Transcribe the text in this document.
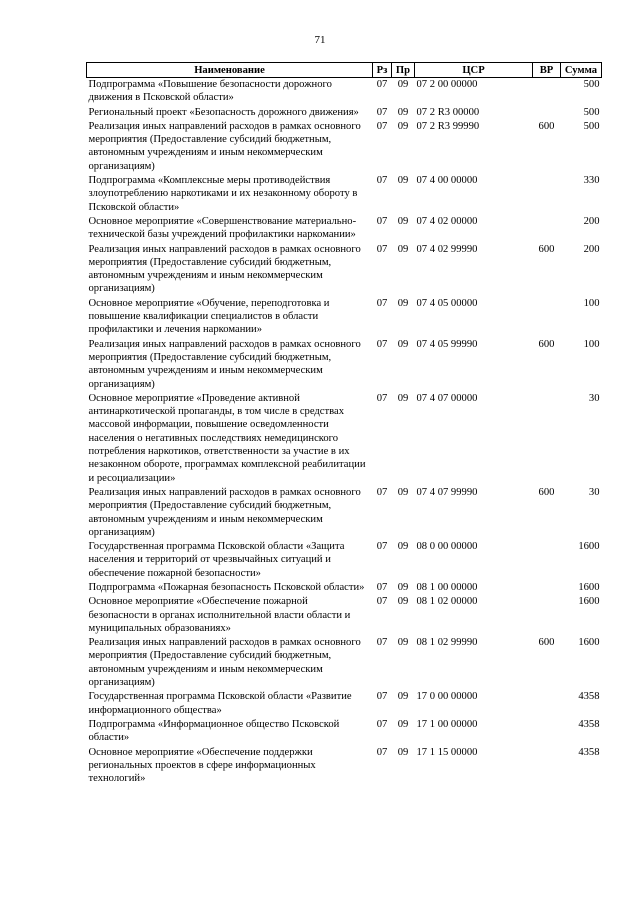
71
Наименование	Рз	Пр	ЦСР	ВР	Сумма
Подпрограмма «Повышение безопасности дорожного движения в Псковской области»	07	09	07 2 00 00000		500
Региональный проект «Безопасность дорожного движения»	07	09	07 2 R3 00000		500
Реализация иных направлений расходов в рамках основного мероприятия (Предоставление субсидий бюджетным, автономным учреждениям и иным некоммерческим организациям)	07	09	07 2 R3 99990	600	500
Подпрограмма «Комплексные меры противодействия злоупотреблению наркотиками и их незаконному обороту в Псковской области»	07	09	07 4 00 00000		330
Основное мероприятие «Совершенствование материально-технической базы учреждений профилактики наркомании»	07	09	07 4 02 00000		200
Реализация иных направлений расходов в рамках основного мероприятия (Предоставление субсидий бюджетным, автономным учреждениям и иным некоммерческим организациям)	07	09	07 4 02 99990	600	200
Основное мероприятие «Обучение, переподготовка и повышение квалификации специалистов в области профилактики и лечения наркомании»	07	09	07 4 05 00000		100
Реализация иных направлений расходов в рамках основного мероприятия (Предоставление субсидий бюджетным, автономным учреждениям и иным некоммерческим организациям)	07	09	07 4 05 99990	600	100
Основное мероприятие «Проведение активной антинаркотической пропаганды, в том числе в средствах массовой информации, повышение осведомленности населения о негативных последствиях немедицинского потребления наркотиков, ответственности за участие в их незаконном обороте, программах комплексной реабилитации и ресоциализации»	07	09	07 4 07 00000		30
Реализация иных направлений расходов в рамках основного мероприятия (Предоставление субсидий бюджетным, автономным учреждениям и иным некоммерческим организациям)	07	09	07 4 07 99990	600	30
Государственная программа Псковской области «Защита населения и территорий от чрезвычайных ситуаций и обеспечение пожарной безопасности»	07	09	08 0 00 00000		1600
Подпрограмма «Пожарная безопасность Псковской области»	07	09	08 1 00 00000		1600
Основное мероприятие «Обеспечение пожарной безопасности в органах исполнительной власти области и муниципальных образованиях»	07	09	08 1 02 00000		1600
Реализация иных направлений расходов в рамках основного мероприятия (Предоставление субсидий бюджетным, автономным учреждениям и иным некоммерческим организациям)	07	09	08 1 02 99990	600	1600
Государственная программа Псковской области «Развитие информационного общества»	07	09	17 0 00 00000		4358
Подпрограмма «Информационное общество Псковской области»	07	09	17 1 00 00000		4358
Основное мероприятие «Обеспечение поддержки региональных проектов в сфере информационных технологий»	07	09	17 1 15 00000		4358
